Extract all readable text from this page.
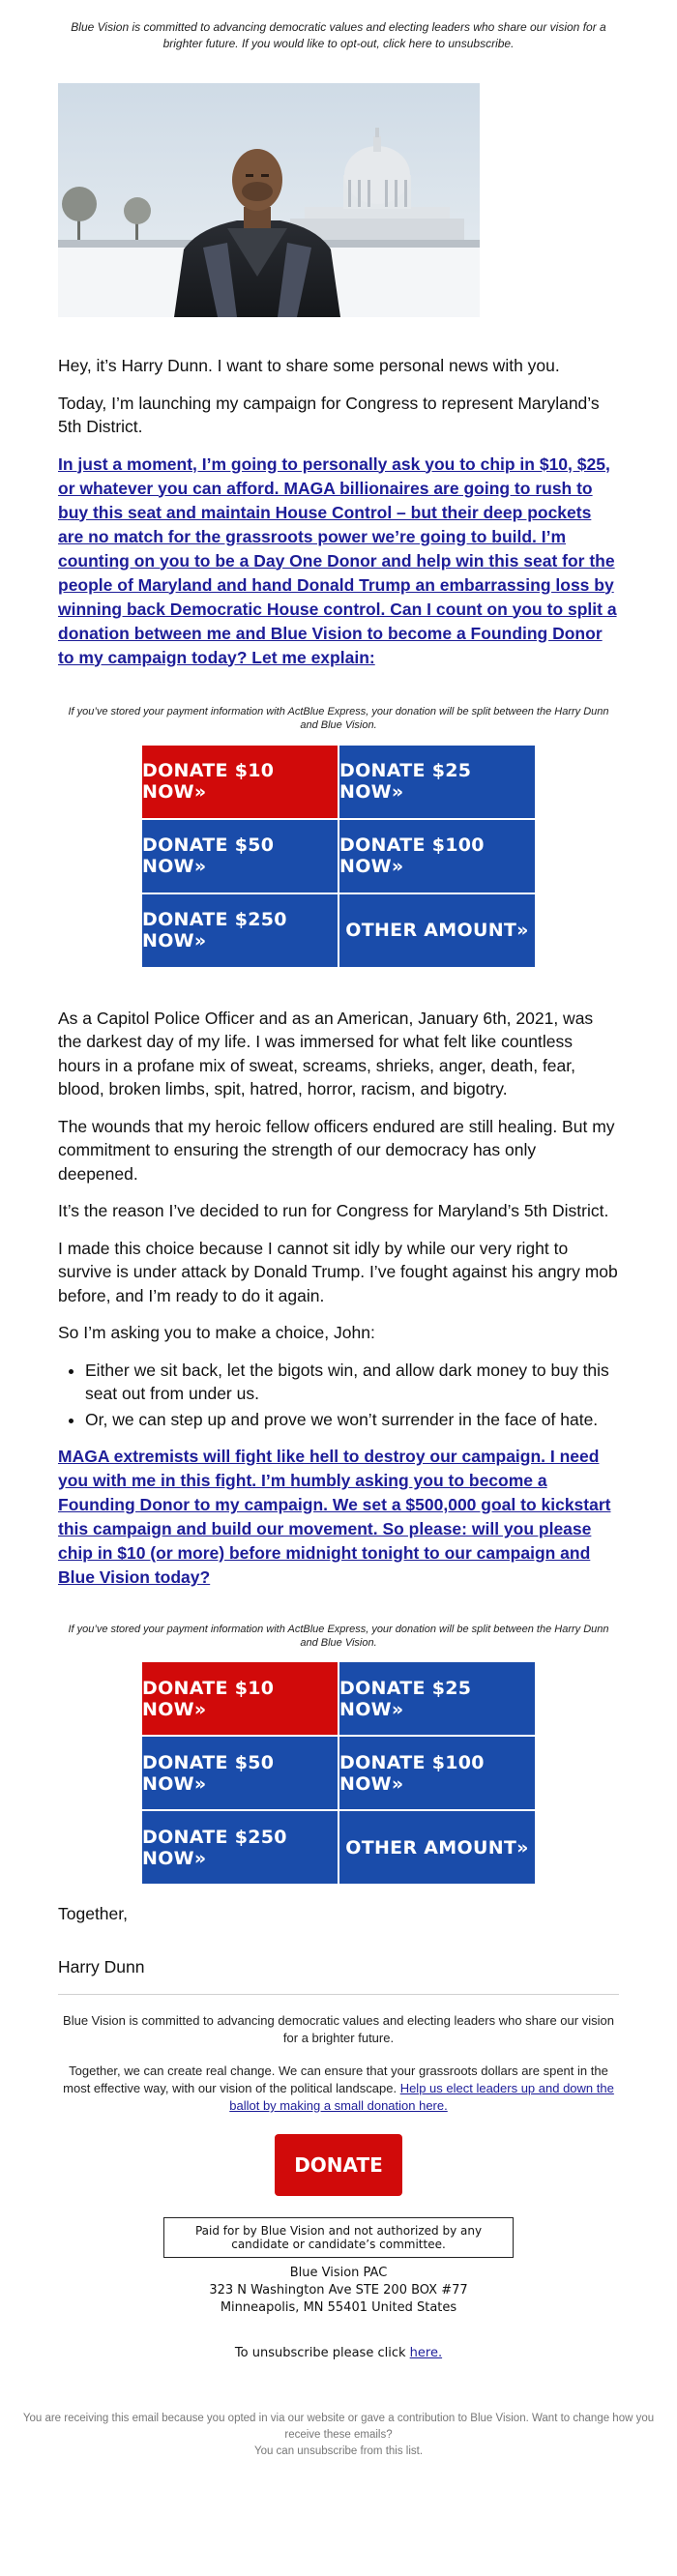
Blue Vision is committed to advancing democratic values and electing leaders who share our vision for a brighter future. If you would like to opt-out, click here to unsubscribe.

Hey, it’s Harry Dunn. I want to share some personal news with you.

Today, I’m launching my campaign for Congress to represent Maryland’s 5th District.

In just a moment, I’m going to personally ask you to chip in $10, $25, or whatever you can afford. MAGA billionaires are going to rush to buy this seat and maintain House Control – but their deep pockets are no match for the grassroots power we’re going to build. I’m counting on you to be a Day One Donor and help win this seat for the people of Maryland and hand Donald Trump an embarrassing loss by winning back Democratic House control. Can I count on you to split a donation between me and Blue Vision to become a Founding Donor to my campaign today? Let me explain:

If you’ve stored your payment information with ActBlue Express, your donation will be split between the Harry Dunn and Blue Vision.

DONATE $10 NOW»
DONATE $25 NOW»
DONATE $50 NOW»
DONATE $100 NOW»
DONATE $250 NOW»	OTHER AMOUNT»

As a Capitol Police Officer and as an American, January 6th, 2021, was the darkest day of my life. I was immersed for what felt like countless hours in a profane mix of sweat, screams, shrieks, anger, death, fear, blood, broken limbs, spit, hatred, horror, racism, and bigotry.

The wounds that my heroic fellow officers endured are still healing. But my commitment to ensuring the strength of our democracy has only deepened.

It’s the reason I’ve decided to run for Congress for Maryland’s 5th District.

I made this choice because I cannot sit idly by while our very right to survive is under attack by Donald Trump. I’ve fought against his angry mob before, and I’m ready to do it again.

So I’m asking you to make a choice, John:

• Either we sit back, let the bigots win, and allow dark money to buy this seat out from under us.
• Or, we can step up and prove we won’t surrender in the face of hate.
MAGA extremists will fight like hell to destroy our campaign. I need you with me in this fight. I’m humbly asking you to become a Founding Donor to my campaign. We set a $500,000 goal to kickstart this campaign and build our movement. So please: will you please chip in $10 (or more) before midnight tonight to our campaign and Blue Vision today?

If you’ve stored your payment information with ActBlue Express, your donation will be split between the Harry Dunn and Blue Vision.

DONATE $10 NOW»
DONATE $25 NOW»
DONATE $50 NOW»
DONATE $100 NOW»
DONATE $250 NOW»	OTHER AMOUNT»

Together,

Harry Dunn

Blue Vision is committed to advancing democratic values and electing leaders who share our vision for a brighter future.

Together, we can create real change. We can ensure that your grassroots dollars are spent in the most effective way, with our vision of the political landscape. Help us elect leaders up and down the ballot by making a small donation here.

DONATE
Paid for by Blue Vision and not authorized by any candidate or candidate’s committee.
Blue Vision PAC
323 N Washington Ave STE 200 BOX #77
Minneapolis, MN 55401 United States

To unsubscribe please click here.

You are receiving this email because you opted in via our website or gave a contribution to Blue Vision. Want to change how you receive these emails?
You can unsubscribe from this list.
